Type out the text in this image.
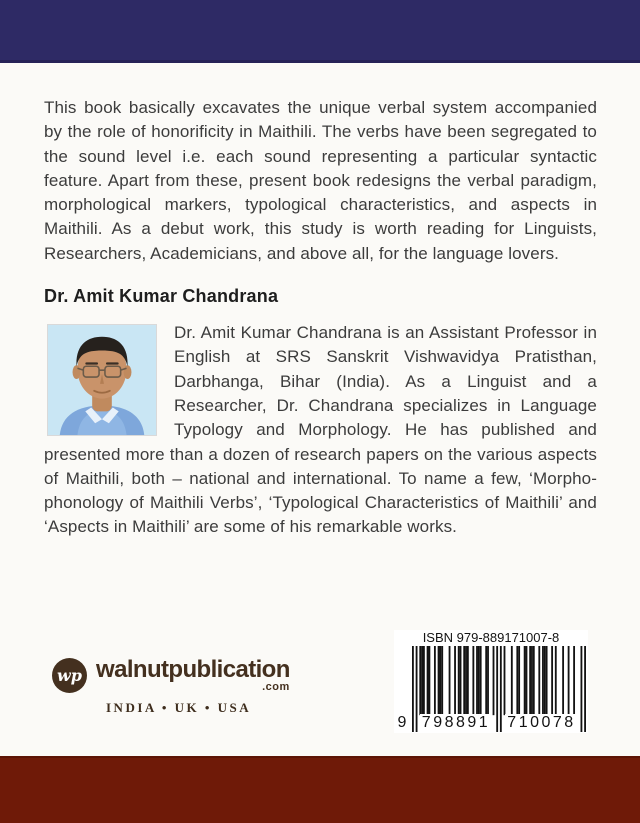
This book basically excavates the unique verbal system accompanied by the role of honorificity in Maithili. The verbs have been segregated to the sound level i.e. each sound representing a particular syntactic feature. Apart from these, present book redesigns the verbal paradigm, morphological markers, typological characteristics, and aspects in Maithili. As a debut work, this study is worth reading for Linguists, Researchers, Academicians, and above all, for the language lovers.

Dr. Amit Kumar Chandrana
Dr. Amit Kumar Chandrana is an Assistant Professor in English at SRS Sanskrit Vishwavidya Pratisthan, Darbhanga, Bihar (India). As a Linguist and a Researcher, Dr. Chandrana specializes in Language Typology and Morphology. He has published and presented more than a dozen of research papers on the various aspects of Maithili, both – national and international. To name a few, ‘Morpho-phonology of Maithili Verbs’, ‘Typological Characteristics of Maithili’ and ‘Aspects in Maithili’ are some of his remarkable works.
wp walnutpublication
.com
INDIA • UK • USA
ISBN 979-889171007-8
9 798891 710078
